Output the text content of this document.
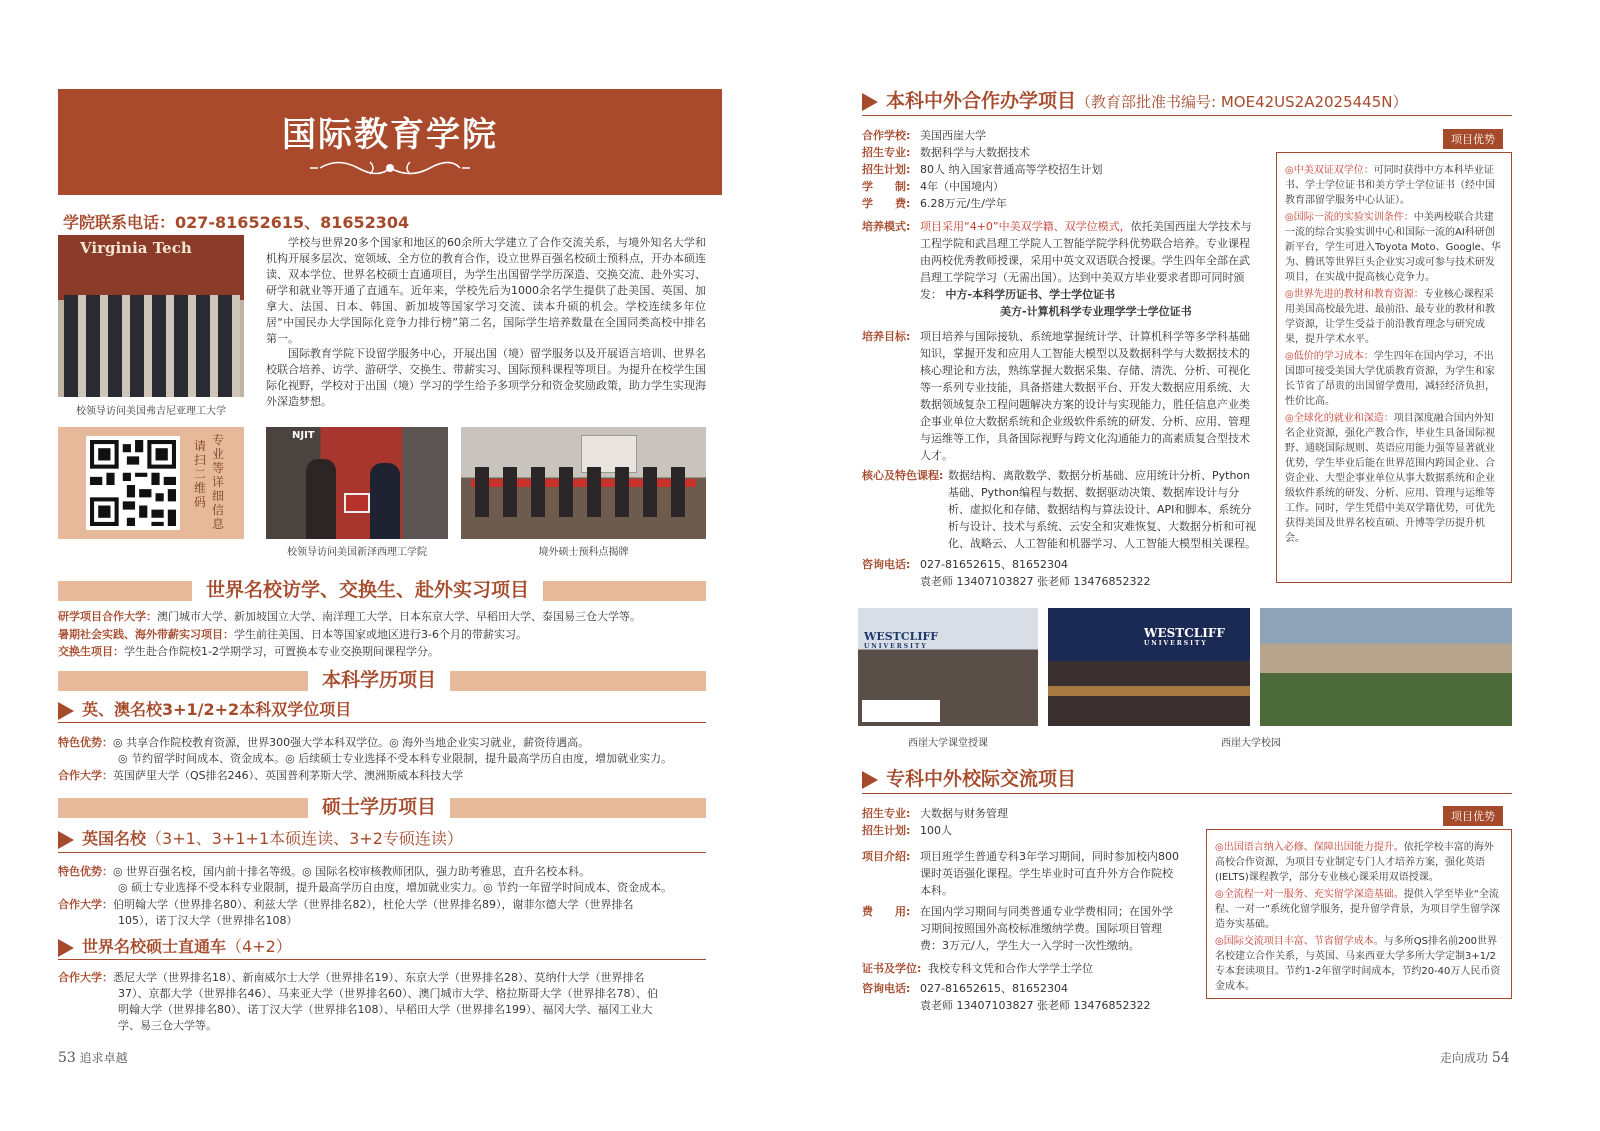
国际教育学院
学院联系电话：027-81652615、81652304
Virginia Tech
校领导访问美国弗吉尼亚理工大学
学校与世界20多个国家和地区的60余所大学建立了合作交流关系，与境外知名大学和机构开展多层次、宽领域、全方位的教育合作，设立世界百强名校硕士预科点，开办本硕连读、双本学位、世界名校硕士直通项目，为学生出国留学学历深造、交换交流、赴外实习、研学和就业等开通了直通车。近年来，学校先后为1000余名学生提供了赴美国、英国、加拿大、法国、日本、韩国、新加坡等国家学习交流、读本升硕的机会。学校连续多年位居“中国民办大学国际化竞争力排行榜”第二名，国际学生培养数量在全国同类高校中排名第一。
国际教育学院下设留学服务中心，开展出国（境）留学服务以及开展语言培训、世界名校联合培养、访学、游研学、交换生、带薪实习、国际预科课程等项目。为提升在校学生国际化视野，学校对于出国（境）学习的学生给予多项学分和资金奖励政策，助力学生实现海外深造梦想。
请扫二维码
专业等详细信息
NJIT
校领导访问美国新泽西理工学院	境外硕士预科点揭牌
世界名校访学、交换生、赴外实习项目
研学项目合作大学：澳门城市大学、新加坡国立大学、南洋理工大学、日本东京大学、早稻田大学、泰国易三仓大学等。
暑期社会实践、海外带薪实习项目：学生前往美国、日本等国家或地区进行3-6个月的带薪实习。
交换生项目：学生赴合作院校1-2学期学习，可置换本专业交换期间课程学分。
本科学历项目
英、澳名校3+1/2+2本科双学位项目
特色优势：◎ 共享合作院校教育资源，世界300强大学本科双学位。◎ 海外当地企业实习就业，薪资待遇高。
◎ 节约留学时间成本、资金成本。◎ 后续硕士专业选择不受本科专业限制，提升最高学历自由度，增加就业实力。
合作大学：英国萨里大学（QS排名246）、英国普利茅斯大学、澳洲斯威本科技大学
硕士学历项目
英国名校（3+1、3+1+1本硕连读、3+2专硕连读）
特色优势：◎ 世界百强名校，国内前十排名等级。◎ 国际名校审核教师团队，强力助考雅思，直升名校本科。
◎ 硕士专业选择不受本科专业限制，提升最高学历自由度，增加就业实力。◎ 节约一年留学时间成本、资金成本。
合作大学：伯明翰大学（世界排名80）、利兹大学（世界排名82），杜伦大学（世界排名89），谢菲尔德大学（世界排名
105），诺丁汉大学（世界排名108）
世界名校硕士直通车（4+2）
合作大学：悉尼大学（世界排名18）、新南威尔士大学（世界排名19）、东京大学（世界排名28）、莫纳什大学（世界排名
37）、京都大学（世界排名46）、马来亚大学（世界排名60）、澳门城市大学、格拉斯哥大学（世界排名78）、伯
明翰大学（世界排名80）、诺丁汉大学（世界排名108）、早稻田大学（世界排名199）、福冈大学、福冈工业大
学、易三仓大学等。
53 追求卓越
本科中外合作办学项目（教育部批准书编号: MOE42US2A2025445N）
合作学校: 美国西崖大学
招生专业: 数据科学与大数据技术
招生计划: 80人 纳入国家普通高等学校招生计划
学　　制: 4年（中国境内）
学　　费: 6.28万元/生/学年
培养模式: 项目采用“4+0”中美双学籍、双学位模式，依托美国西崖大学技术与工程学院和武昌理工学院人工智能学院学科优势联合培养。专业课程由两校优秀教师授课，采用中英文双语联合授课。学生四年全部在武昌理工学院学习（无需出国）。达到中美双方毕业要求者即可同时颁发： 中方-本科学历证书、学士学位证书
美方-计算机科学专业理学学士学位证书
培养目标: 项目培养与国际接轨、系统地掌握统计学、计算机科学等多学科基础知识，掌握开发和应用人工智能大模型以及数据科学与大数据技术的核心理论和方法，熟练掌握大数据采集、存储、清洗、分析、可视化等一系列专业技能，具备搭建大数据平台、开发大数据应用系统、大数据领域复杂工程问题解决方案的设计与实现能力，胜任信息产业类企事业单位大数据系统和企业级软件系统的研发、分析、应用、管理与运维等工作，具备国际视野与跨文化沟通能力的高素质复合型技术人才。
核心及特色课程: 数据结构、离散数学、数据分析基础、应用统计分析、Python基础、Python编程与数据、数据驱动决策、数据库设计与分析、虚拟化和存储、数据结构与算法设计、API和脚本、系统分析与设计、技术与系统、云安全和灾难恢复、大数据分析和可视化、战略云、人工智能和机器学习、人工智能大模型相关课程。
咨询电话: 027-81652615、81652304
袁老师 13407103827 张老师 13476852322
项目优势
◎中美双证双学位：可同时获得中方本科毕业证书、学士学位证书和美方学士学位证书（经中国教育部留学服务中心认证）。
◎国际一流的实验实训条件：中美两校联合共建一流的综合实验实训中心和国际一流的AI科研创新平台，学生可进入Toyota Moto、Google、华为、腾讯等世界巨头企业实习或可参与技术研发项目，在实战中提高核心竞争力。
◎世界先进的教材和教育资源：专业核心课程采用美国高校最先进、最前沿、最专业的教材和教学资源，让学生受益于前沿教育理念与研究成果，提升学术水平。
◎低价的学习成本：学生四年在国内学习，不出国即可接受美国大学优质教育资源，为学生和家长节省了昂贵的出国留学费用，减轻经济负担，性价比高。
◎全球化的就业和深造：项目深度融合国内外知名企业资源，强化产教合作，毕业生具备国际视野、通晓国际规则、英语应用能力强等显著就业优势，学生毕业后能在世界范围内跨国企业、合资企业、大型企事业单位从事大数据系统和企业级软件系统的研发、分析、应用、管理与运维等工作。同时，学生凭借中美双学籍优势，可优先获得美国及世界名校直硕、升博等学历提升机会。
WESTCLIFF
UNIVERSITY
WESTCLIFF
UNIVERSITY
西崖大学课堂授课	西崖大学校园
专科中外校际交流项目
招生专业: 大数据与财务管理
招生计划: 100人
项目介绍: 项目班学生普通专科3年学习期间，同时参加校内800课时英语强化课程。学生毕业时可直升外方合作院校本科。
费　　用: 在国内学习期间与同类普通专业学费相同；在国外学习期间按照国外高校标准缴纳学费。国际项目管理费：3万元/人，学生大一入学时一次性缴纳。
证书及学位: 我校专科文凭和合作大学学士学位
咨询电话: 027-81652615、81652304
袁老师 13407103827 张老师 13476852322
项目优势
◎出国语言纳入必修、保障出国能力提升。依托学校丰富的海外高校合作资源，为项目专业制定专门人才培养方案，强化英语(IELTS)课程教学，部分专业核心课采用双语授课。
◎全流程一对一服务、充实留学深造基础。提供入学至毕业“全流程、一对一”系统化留学服务，提升留学背景，为项目学生留学深造夯实基础。
◎国际交流项目丰富、节省留学成本。与多所QS排名前200世界名校建立合作关系，与英国、马来西亚大学多所大学定制3+1/2专本套读项目。节约1-2年留学时间成本，节约20-40万人民币资金成本。
走向成功 54
